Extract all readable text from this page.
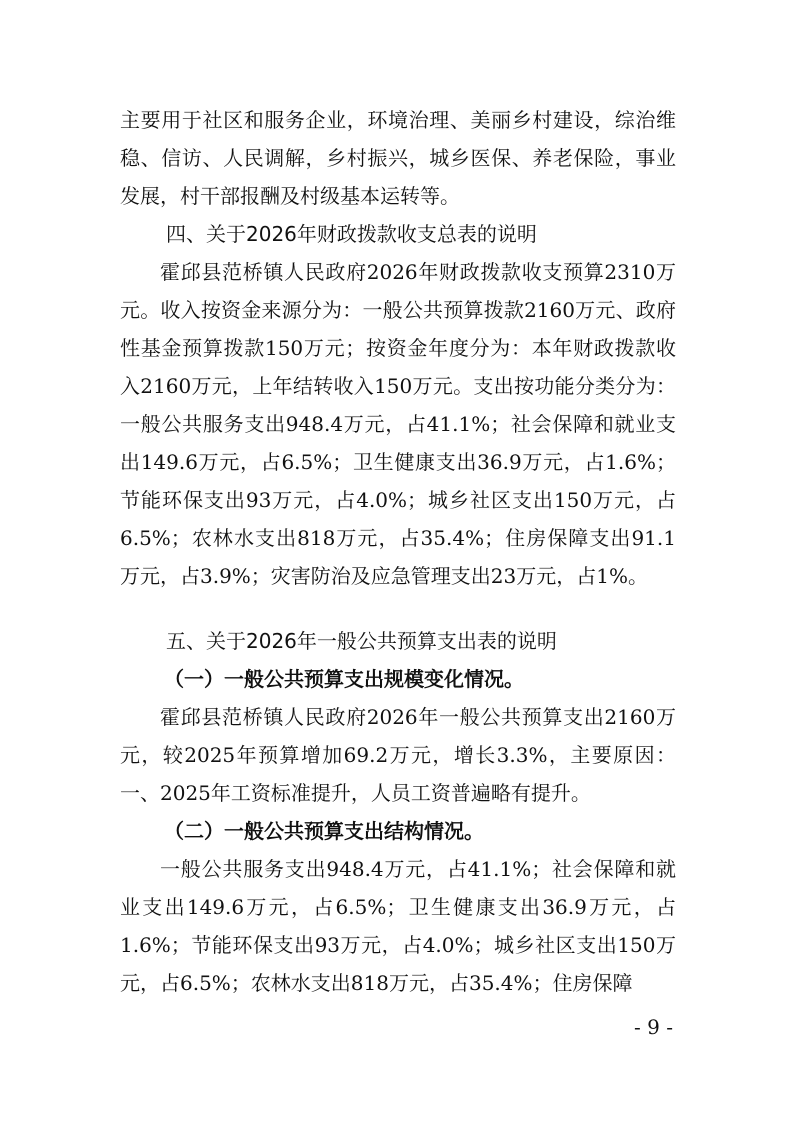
主要用于社区和服务企业，环境治理、美丽乡村建设，综治维稳、信访、人民调解，乡村振兴，城乡医保、养老保险，事业发展，村干部报酬及村级基本运转等。

四、关于2026年财政拨款收支总表的说明

霍邱县范桥镇人民政府2026年财政拨款收支预算2310万元。收入按资金来源分为：一般公共预算拨款2160万元、政府性基金预算拨款150万元；按资金年度分为：本年财政拨款收入2160万元，上年结转收入150万元。支出按功能分类分为：一般公共服务支出948.4万元，占41.1%；社会保障和就业支出149.6万元，占6.5%；卫生健康支出36.9万元，占1.6%；节能环保支出93万元，占4.0%；城乡社区支出150万元，占6.5%；农林水支出818万元，占35.4%；住房保障支出91.1万元，占3.9%；灾害防治及应急管理支出23万元，占1%。

五、关于2026年一般公共预算支出表的说明
（一）一般公共预算支出规模变化情况。

霍邱县范桥镇人民政府2026年一般公共预算支出2160万元，较2025年预算增加69.2万元，增长3.3%，主要原因：一、2025年工资标准提升，人员工资普遍略有提升。

（二）一般公共预算支出结构情况。

一般公共服务支出948.4万元，占41.1%；社会保障和就业支出149.6万元，占6.5%；卫生健康支出36.9万元，占1.6%；节能环保支出93万元，占4.0%；城乡社区支出150万元，占6.5%；农林水支出818万元，占35.4%；住房保障

- 9 -
